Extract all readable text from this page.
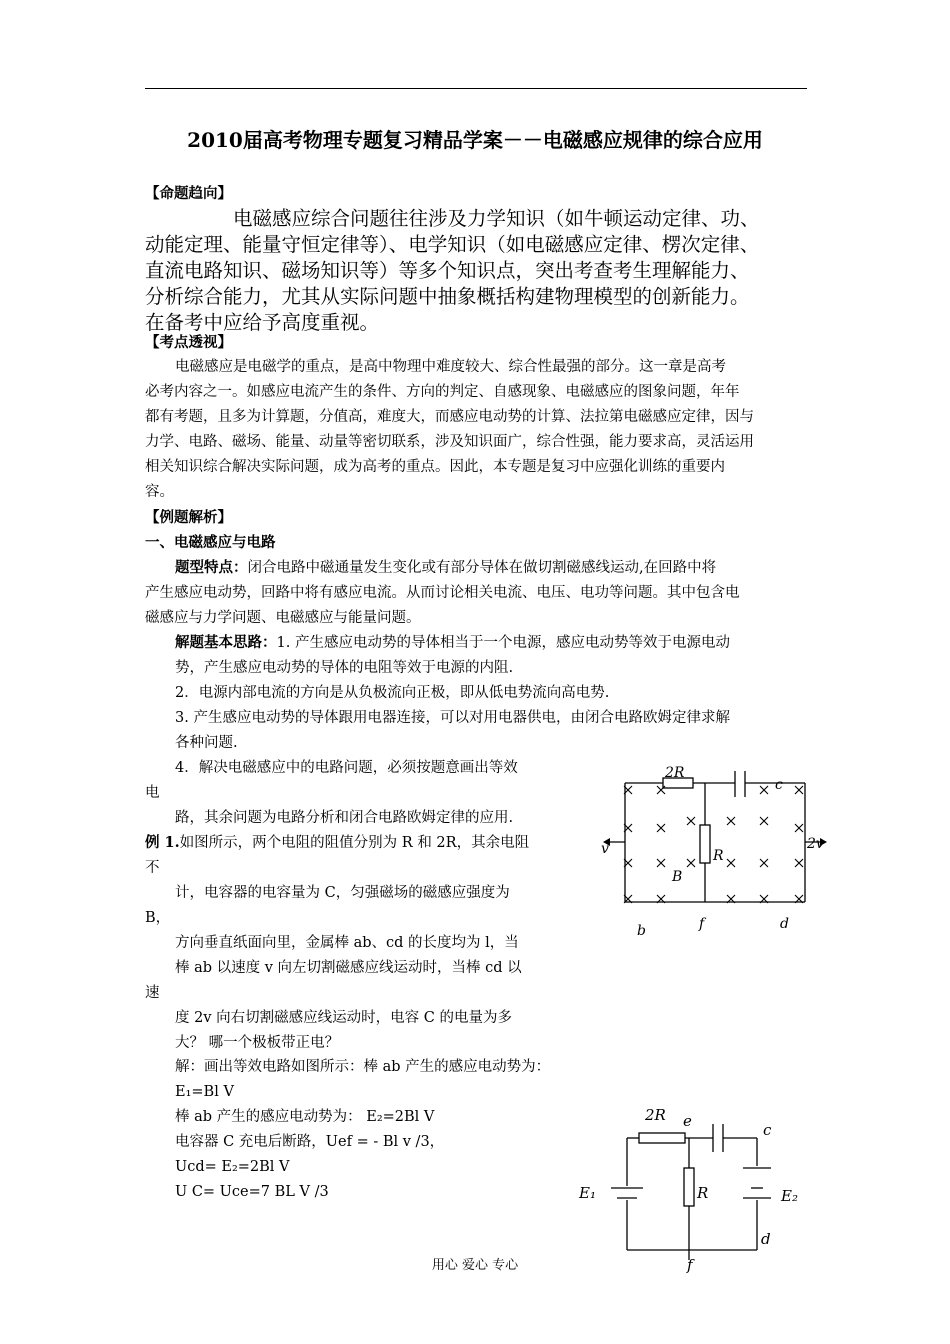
2010届高考物理专题复习精品学案－－电磁感应规律的综合应用
【命题趋向】
电磁感应综合问题往往涉及力学知识（如牛顿运动定律、功、
动能定理、能量守恒定律等）、电学知识（如电磁感应定律、楞次定律、
直流电路知识、磁场知识等）等多个知识点，突出考查考生理解能力、
分析综合能力，尤其从实际问题中抽象概括构建物理模型的创新能力。
在备考中应给予高度重视。
【考点透视】
电磁感应是电磁学的重点，是高中物理中难度较大、综合性最强的部分。这一章是高考
必考内容之一。如感应电流产生的条件、方向的判定、自感现象、电磁感应的图象问题，年年
都有考题，且多为计算题，分值高，难度大，而感应电动势的计算、法拉第电磁感应定律，因与
力学、电路、磁场、能量、动量等密切联系，涉及知识面广，综合性强，能力要求高，灵活运用
相关知识综合解决实际问题，成为高考的重点。因此，本专题是复习中应强化训练的重要内
容。
【例题解析】
一、电磁感应与电路
题型特点：闭合电路中磁通量发生变化或有部分导体在做切割磁感线运动,在回路中将
产生感应电动势，回路中将有感应电流。从而讨论相关电流、电压、电功等问题。其中包含电
磁感应与力学问题、电磁感应与能量问题。
解题基本思路：1. 产生感应电动势的导体相当于一个电源，感应电动势等效于电源电动
势，产生感应电动势的导体的电阻等效于电源的内阻.
2．电源内部电流的方向是从负极流向正极，即从低电势流向高电势.
3. 产生感应电动势的导体跟用电器连接，可以对用电器供电，由闭合电路欧姆定律求解
各种问题.
4．解决电磁感应中的电路问题，必须按题意画出等效
电
路，其余问题为电路分析和闭合电路欧姆定律的应用.
例 1.如图所示，两个电阻的阻值分别为 R 和 2R，其余电阻
不
计，电容器的电容量为 C，匀强磁场的磁感应强度为
B，
方向垂直纸面向里，金属棒 ab、cd 的长度均为 l，当
棒 ab 以速度 v 向左切割磁感应线运动时，当棒 cd 以
速
度 2v 向右切割磁感应线运动时，电容 C 的电量为多
大？ 哪一个极板带正电？
解：画出等效电路如图所示：棒 ab 产生的感应电动势为：
E₁=Bl V
棒 ab 产生的感应电动势为： E₂=2Bl V
电容器 C 充电后断路，Uef = - Bl v /3，
Ucd= E₂=2Bl V
U C= Uce=7 BL V /3
2R
c
R
v	2v
B
b	f	d
2R e	c
E₁	E₂
R
d
f
用心 爱心 专心
